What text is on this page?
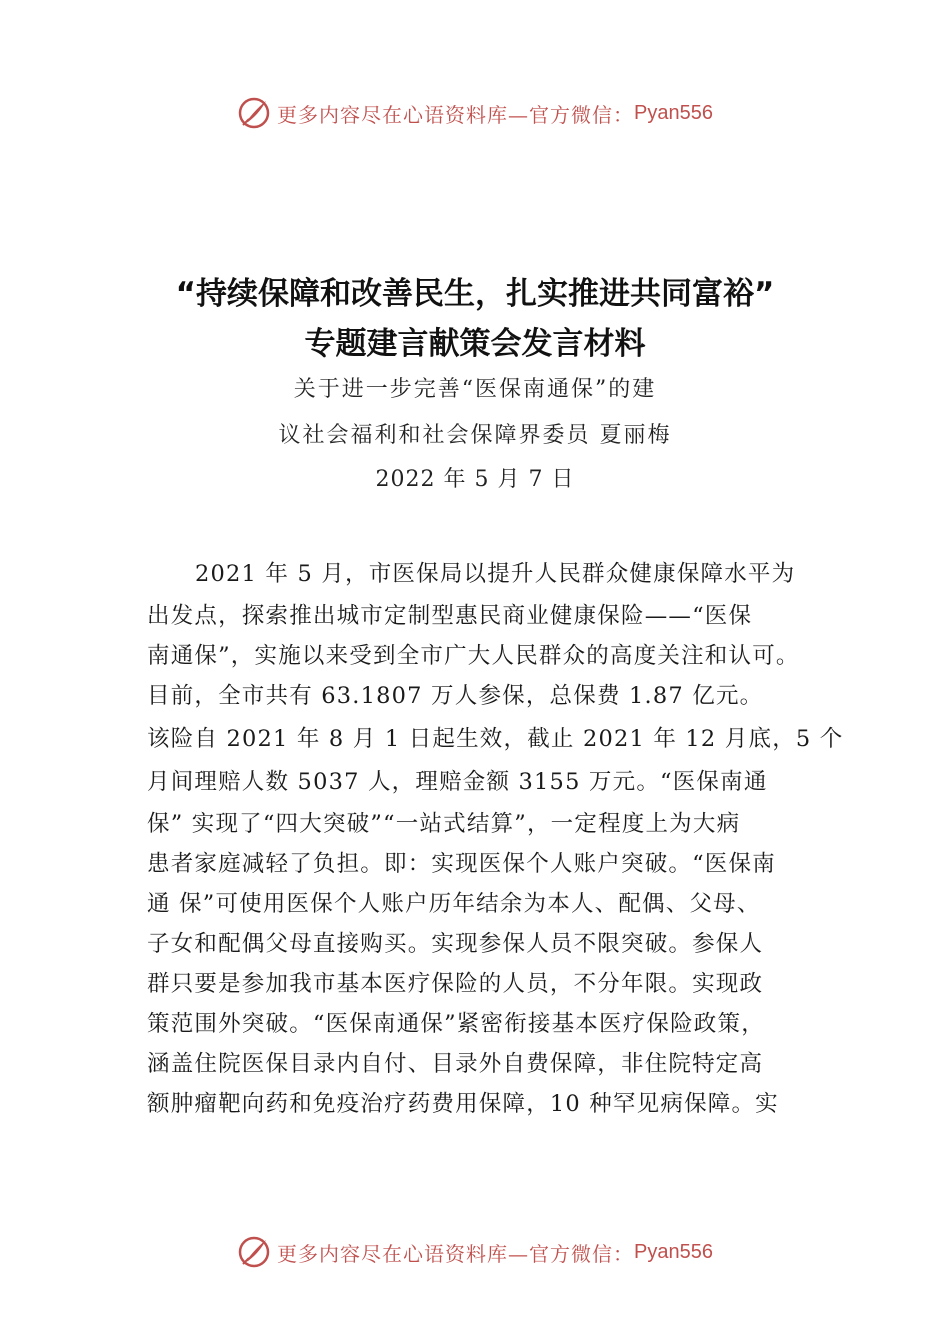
更多内容尽在心语资料库—官方微信： Pyan556
“持续保障和改善民生，扎实推进共同富裕”
专题建言献策会发言材料
关于进一步完善“医保南通保”的建
议社会福利和社会保障界委员 夏丽梅
2022 年 5 月 7 日
2021 年 5 月，市医保局以提升人民群众健康保障水平为
出发点，探索推出城市定制型惠民商业健康保险——“医保
南通保”，实施以来受到全市广大人民群众的高度关注和认可。
目前，全市共有 63.1807 万人参保，总保费 1.87 亿元。
该险自 2021 年 8 月 1 日起生效，截止 2021 年 12 月底，5 个
月间理赔人数 5037 人，理赔金额 3155 万元。“医保南通
保” 实现了“四大突破”“一站式结算”，一定程度上为大病
患者家庭减轻了负担。即：实现医保个人账户突破。“医保南
通 保”可使用医保个人账户历年结余为本人、配偶、父母、
子女和配偶父母直接购买。实现参保人员不限突破。参保人
群只要是参加我市基本医疗保险的人员，不分年限。实现政
策范围外突破。“医保南通保”紧密衔接基本医疗保险政策，
涵盖住院医保目录内自付、目录外自费保障，非住院特定高
额肿瘤靶向药和免疫治疗药费用保障，10 种罕见病保障。实
更多内容尽在心语资料库—官方微信： Pyan556
